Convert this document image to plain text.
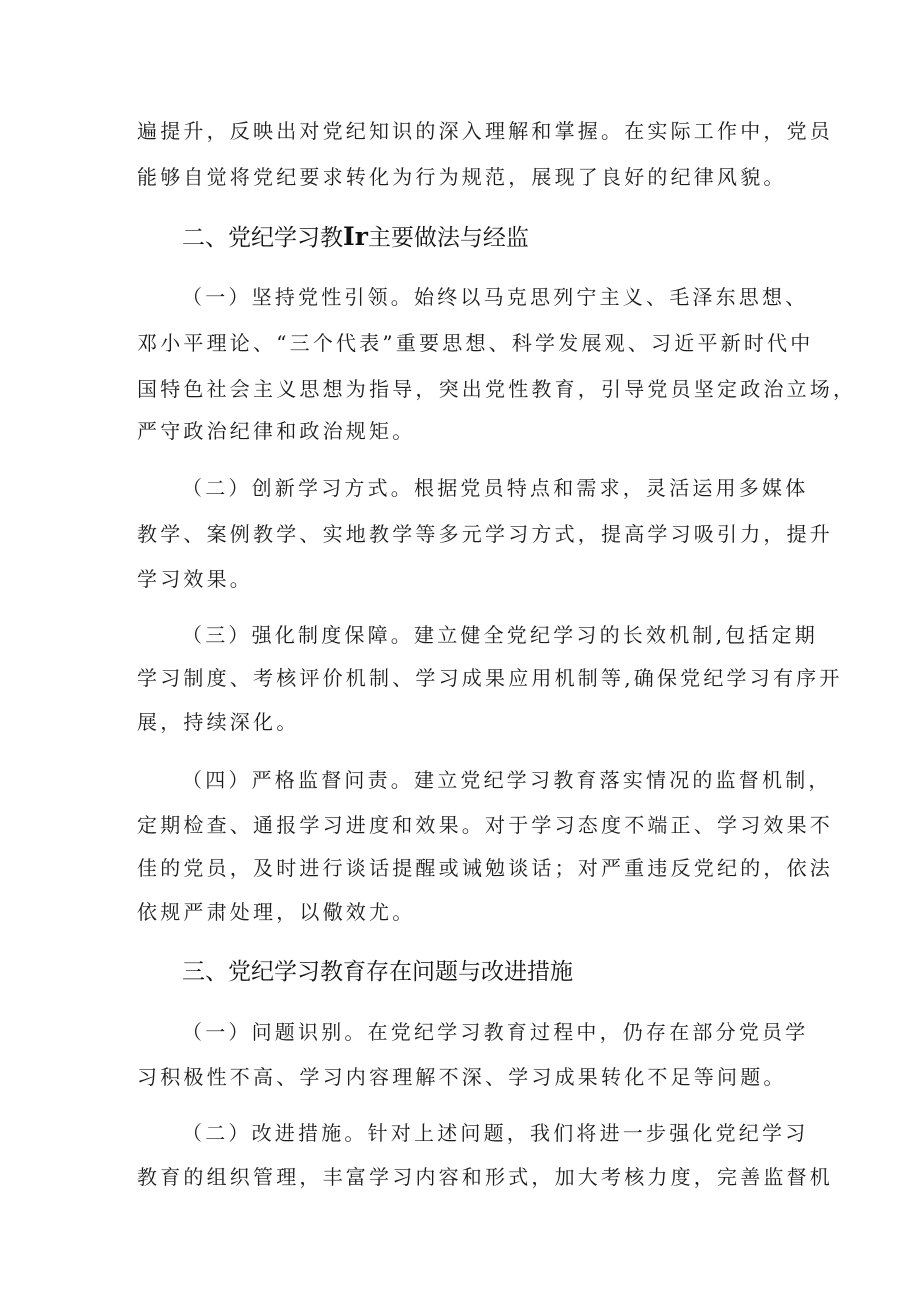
遍提升，反映出对党纪知识的深入理解和掌握。在实际工作中，党员
能够自觉将党纪要求转化为行为规范，展现了良好的纪律风貌。
二、党纪学习教Ir主要做法与经监
（一）坚持党性引领。始终以马克思列宁主义、毛泽东思想、
邓小平理论、“三个代表”重要思想、科学发展观、习近平新时代中
国特色社会主义思想为指导，突出党性教育，引导党员坚定政治立场，
严守政治纪律和政治规矩。
（二）创新学习方式。根据党员特点和需求，灵活运用多媒体
教学、案例教学、实地教学等多元学习方式，提高学习吸引力，提升
学习效果。
（三）强化制度保障。建立健全党纪学习的长效机制,包括定期
学习制度、考核评价机制、学习成果应用机制等,确保党纪学习有序开
展，持续深化。
（四）严格监督问责。建立党纪学习教育落实情况的监督机制，
定期检查、通报学习进度和效果。对于学习态度不端正、学习效果不
佳的党员，及时进行谈话提醒或诫勉谈话；对严重违反党纪的，依法
依规严肃处理，以儆效尤。
三、党纪学习教育存在问题与改进措施
（一）问题识别。在党纪学习教育过程中，仍存在部分党员学
习积极性不高、学习内容理解不深、学习成果转化不足等问题。
（二）改进措施。针对上述问题，我们将进一步强化党纪学习
教育的组织管理，丰富学习内容和形式，加大考核力度，完善监督机
